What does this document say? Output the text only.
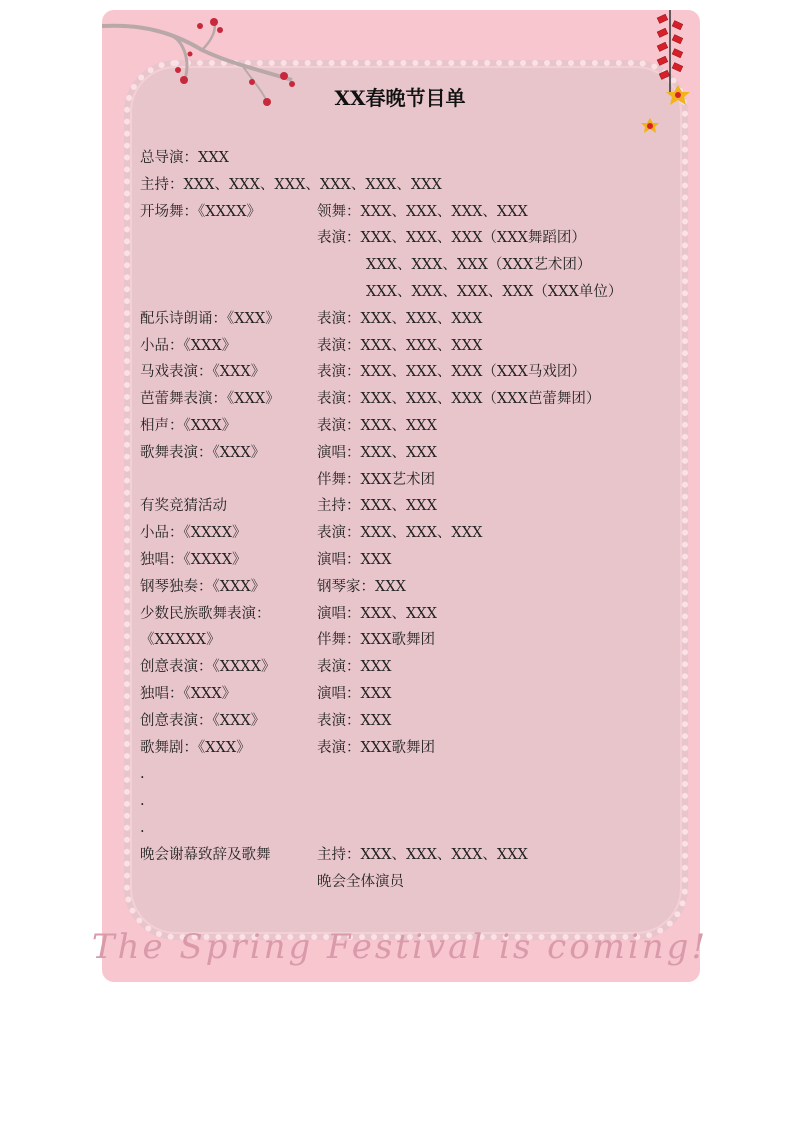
XX春晚节目单
总导演：XXX
主持：XXX、XXX、XXX、XXX、XXX、XXX
开场舞：《XXXX》	领舞：XXX、XXX、XXX、XXX
表演：XXX、XXX、XXX（XXX舞蹈团）
XXX、XXX、XXX（XXX艺术团）
XXX、XXX、XXX、XXX（XXX单位）
配乐诗朗诵：《XXX》	表演：XXX、XXX、XXX
小品：《XXX》	表演：XXX、XXX、XXX
马戏表演：《XXX》	表演：XXX、XXX、XXX（XXX马戏团）
芭蕾舞表演：《XXX》	表演：XXX、XXX、XXX（XXX芭蕾舞团）
相声：《XXX》	表演：XXX、XXX
歌舞表演：《XXX》	演唱：XXX、XXX
伴舞：XXX艺术团
有奖竞猜活动	主持：XXX、XXX
小品：《XXXX》	表演：XXX、XXX、XXX
独唱：《XXXX》	演唱：XXX
钢琴独奏：《XXX》	钢琴家：XXX
少数民族歌舞表演：	演唱：XXX、XXX
《XXXXX》	伴舞：XXX歌舞团
创意表演：《XXXX》	表演：XXX
独唱：《XXX》	演唱：XXX
创意表演：《XXX》	表演：XXX
歌舞剧：《XXX》	表演：XXX歌舞团
.
.
.
晚会谢幕致辞及歌舞	主持：XXX、XXX、XXX、XXX
晚会全体演员
The Spring Festival is coming!
